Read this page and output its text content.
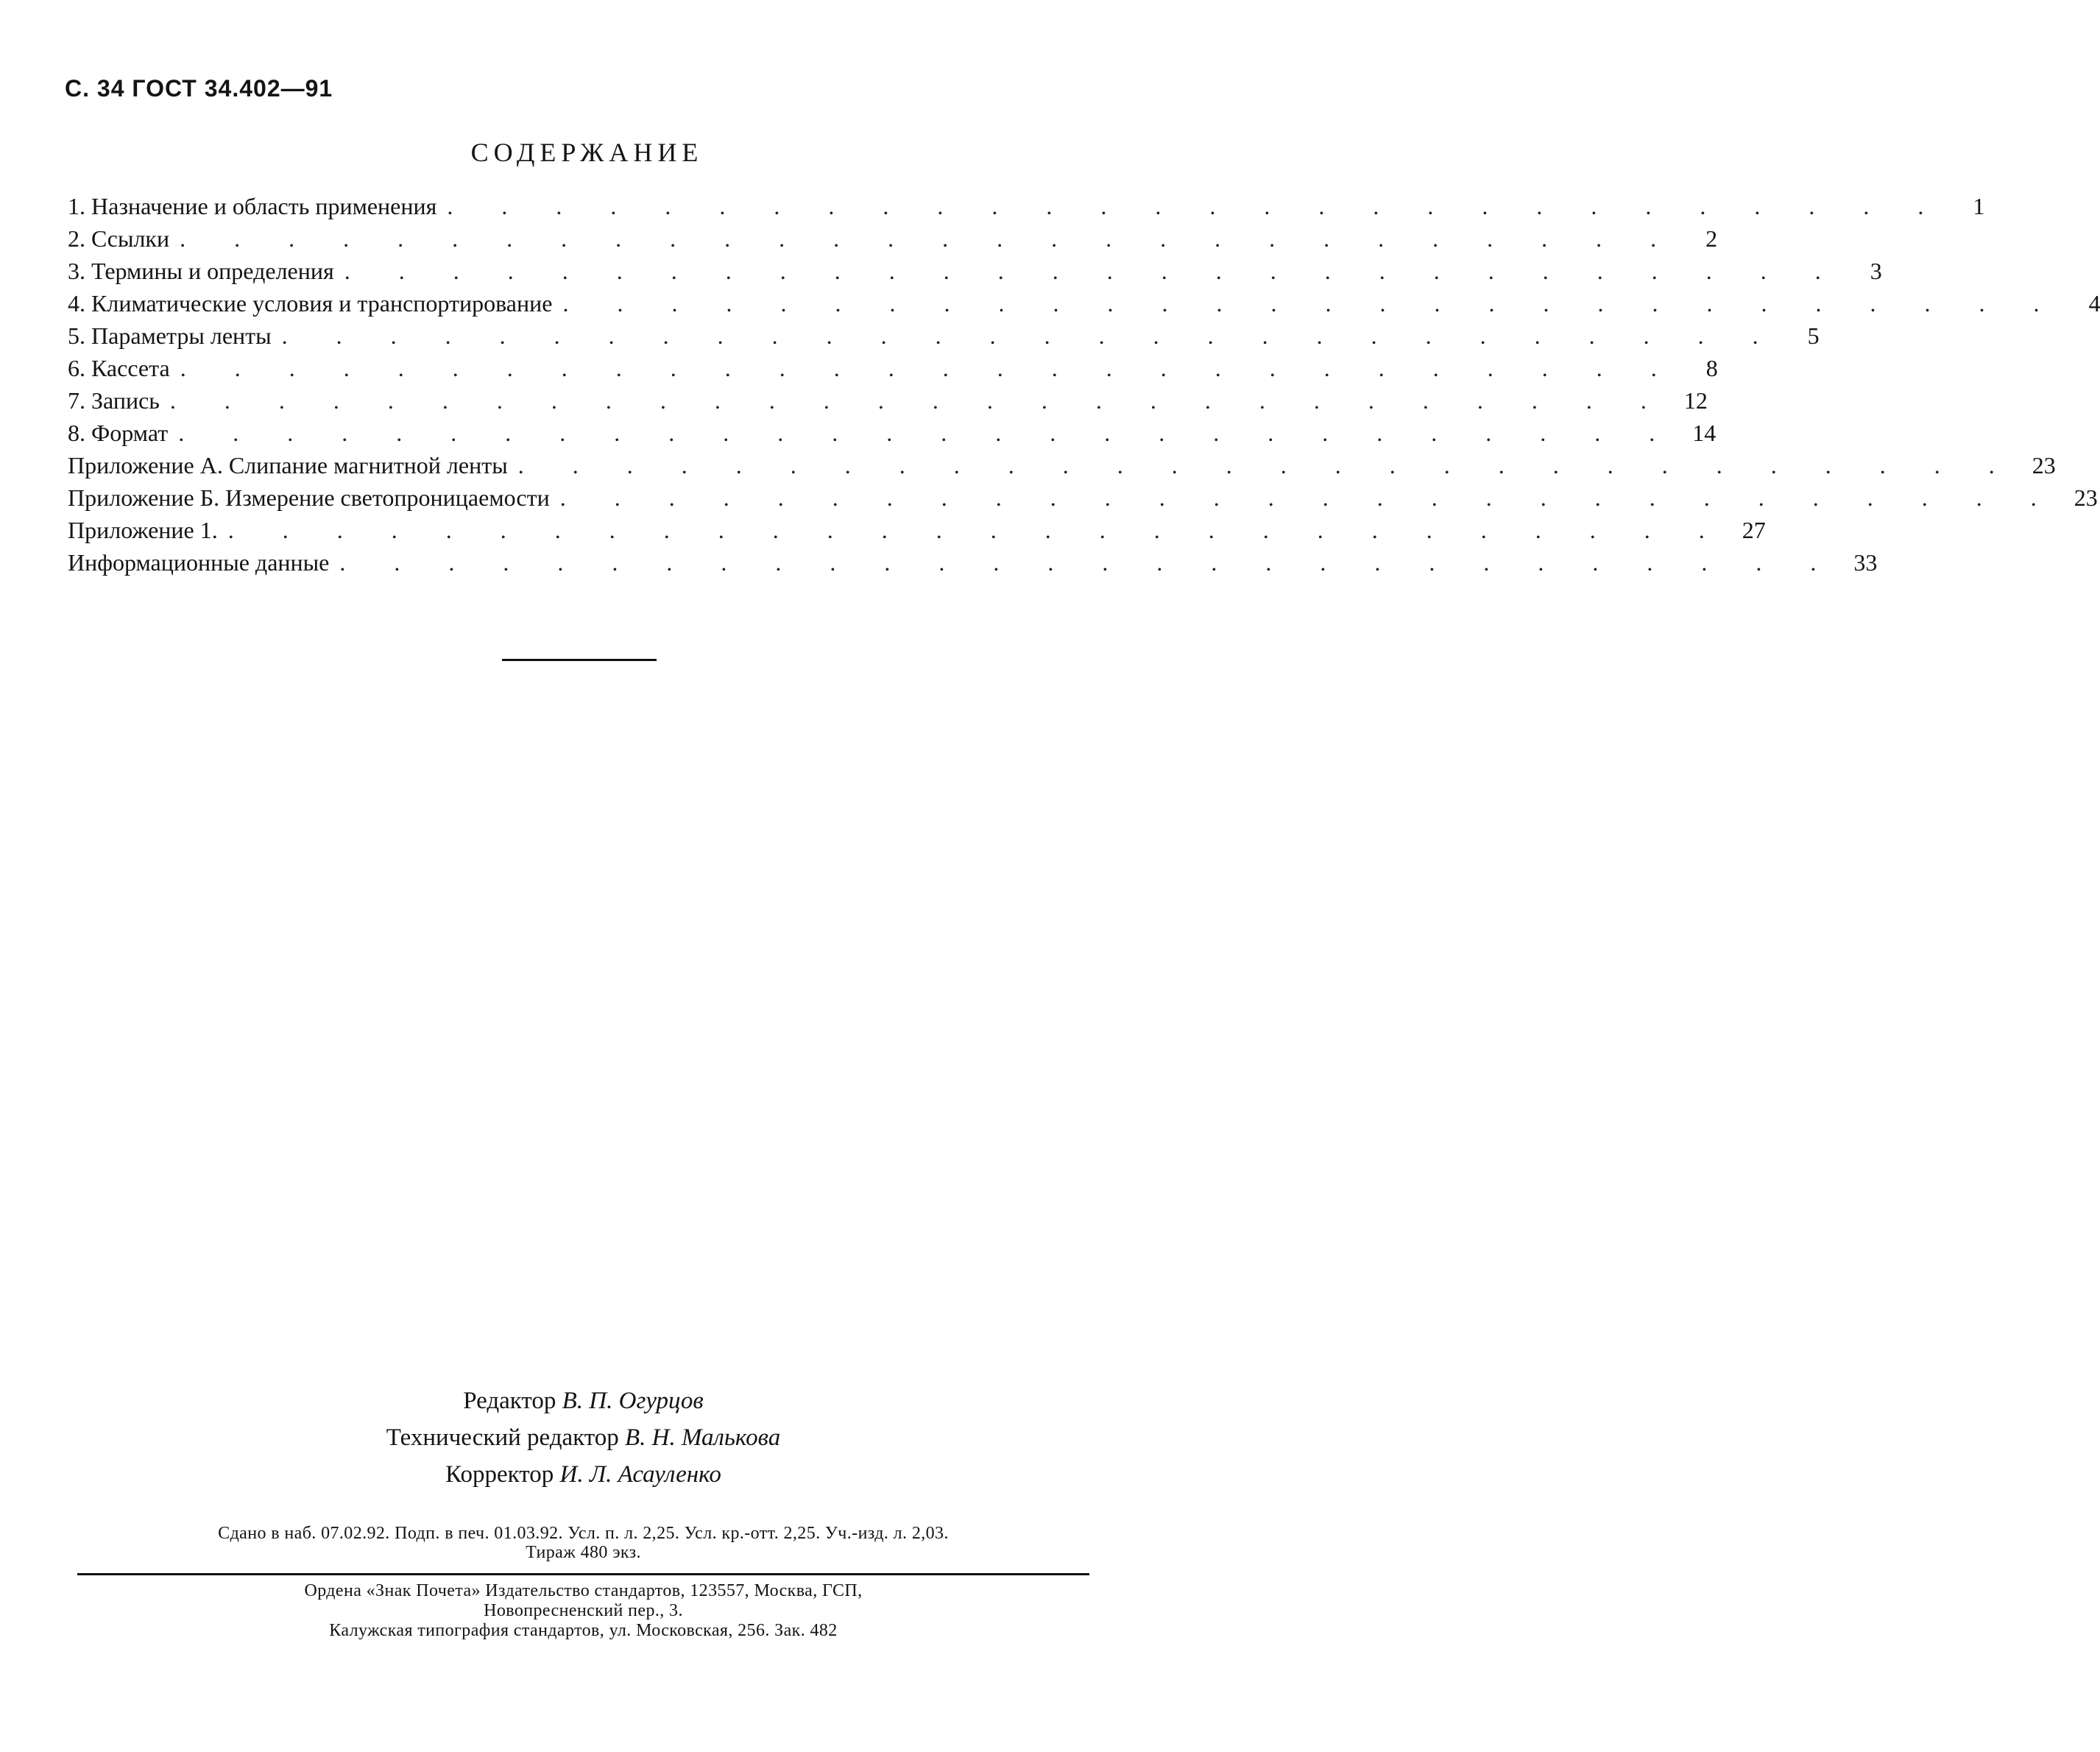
С. 34 ГОСТ 34.402—91
СОДЕРЖАНИЕ
1. Назначение и область применения . . . . . . . . . . . . . . . . . . . . . . . . . . . .	1
2. Ссылки . . . . . . . . . . . . . . . . . . . . . . . . . . . .	2
3. Термины и определения . . . . . . . . . . . . . . . . . . . . . . . . . . . .	3
4. Климатические условия и транспортирование . . . . . . . . . . . . . . . . . . . . . . . . . . . .	4
5. Параметры ленты . . . . . . . . . . . . . . . . . . . . . . . . . . . .	5
6. Кассета . . . . . . . . . . . . . . . . . . . . . . . . . . . .	8
7. Запись . . . . . . . . . . . . . . . . . . . . . . . . . . . . 12
8. Формат . . . . . . . . . . . . . . . . . . . . . . . . . . . . 14
Приложение А. Слипание магнитной ленты . . . . . . . . . . . . . . . . . . . . . . . . . . . . 23
Приложение Б. Измерение светопроницаемости . . . . . . . . . . . . . . . . . . . . . . . . . . . . 23
Приложение 1. . . . . . . . . . . . . . . . . . . . . . . . . . . . . 27
Информационные данные . . . . . . . . . . . . . . . . . . . . . . . . . . . . 33
Редактор В. П. Огурцов
Технический редактор В. Н. Малькова
Корректор И. Л. Асауленко
Сдано в наб. 07.02.92. Подп. в печ. 01.03.92. Усл. п. л. 2,25. Усл. кр.-отт. 2,25. Уч.-изд. л. 2,03.
Тираж 480 экз.
Ордена «Знак Почета» Издательство стандартов, 123557, Москва, ГСП,
Новопресненский пер., 3.
Калужская типография стандартов, ул. Московская, 256. Зак. 482
